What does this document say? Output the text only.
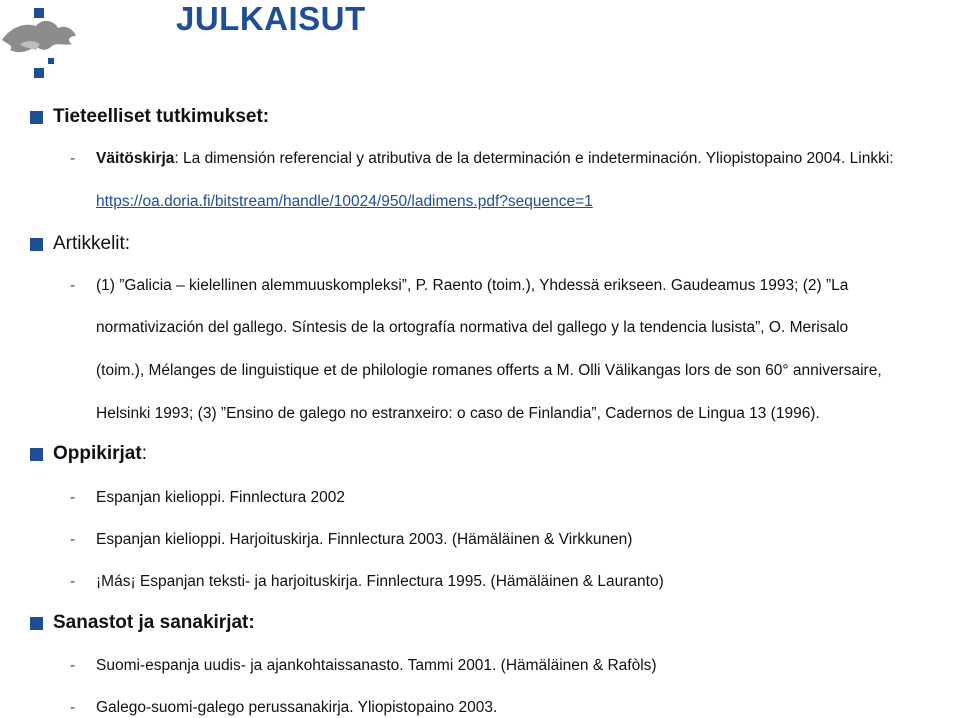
JULKAISUT
Tieteelliset tutkimukset:
- Väitöskirja: La dimensión referencial y atributiva de la determinación e indeterminación. Yliopistopaino 2004. Linkki:
https://oa.doria.fi/bitstream/handle/10024/950/ladimens.pdf?sequence=1
Artikkelit:
- (1) ”Galicia – kielellinen alemmuuskompleksi”, P. Raento (toim.), Yhdessä erikseen. Gaudeamus 1993; (2) ”La
normativización del gallego. Síntesis de la ortografía normativa del gallego y la tendencia lusista”, O. Merisalo
(toim.), Mélanges de linguistique et de philologie romanes offerts a M. Olli Välikangas lors de son 60° anniversaire,
Helsinki 1993; (3) ”Ensino de galego no estranxeiro: o caso de Finlandia”, Cadernos de Lingua 13 (1996).
Oppikirjat:
- Espanjan kielioppi. Finnlectura 2002
- Espanjan kielioppi. Harjoituskirja. Finnlectura 2003. (Hämäläinen & Virkkunen)
- ¡Más¡ Espanjan teksti- ja harjoituskirja. Finnlectura 1995. (Hämäläinen & Lauranto)
Sanastot ja sanakirjat:
- Suomi-espanja uudis- ja ajankohtaissanasto. Tammi 2001. (Hämäläinen & Rafòls)
- Galego-suomi-galego perussanakirja. Yliopistopaino 2003.
